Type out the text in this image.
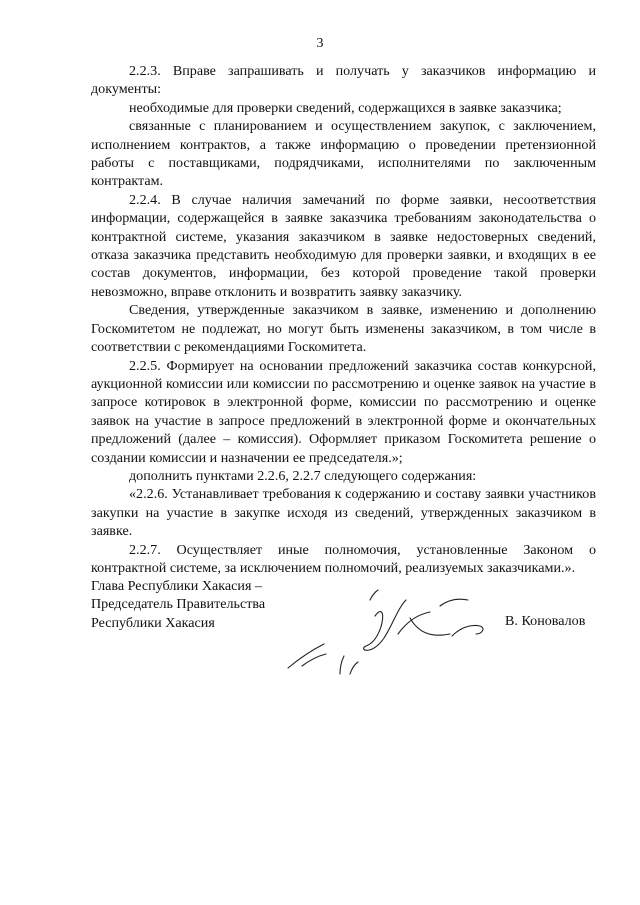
3

2.2.3. Вправе запрашивать и получать у заказчиков информацию и документы:

необходимые для проверки сведений, содержащихся в заявке заказчика;

связанные с планированием и осуществлением закупок, с заключением, исполнением контрактов, а также информацию о проведении претензионной работы с поставщиками, подрядчиками, исполнителями по заключенным контрактам.

2.2.4. В случае наличия замечаний по форме заявки, несоответствия информации, содержащейся в заявке заказчика требованиям законодательства о контрактной системе, указания заказчиком в заявке недостоверных сведений, отказа заказчика представить необходимую для проверки заявки, и входящих в ее состав документов, информации, без которой проведение такой проверки невозможно, вправе отклонить и возвратить заявку заказчику.

Сведения, утвержденные заказчиком в заявке, изменению и дополнению Госкомитетом не подлежат, но могут быть изменены заказчиком, в том числе в соответствии с рекомендациями Госкомитета.

2.2.5. Формирует на основании предложений заказчика состав конкурсной, аукционной комиссии или комиссии по рассмотрению и оценке заявок на участие в запросе котировок в электронной форме, комиссии по рассмотрению и оценке заявок на участие в запросе предложений в электронной форме и окончательных предложений (далее – комиссия). Оформляет приказом Госкомитета решение о создании комиссии и назначении ее председателя.»;

дополнить пунктами 2.2.6, 2.2.7 следующего содержания:

«2.2.6. Устанавливает требования к содержанию и составу заявки участников закупки на участие в закупке исходя из сведений, утвержденных заказчиком в заявке.

2.2.7. Осуществляет иные полномочия, установленные Законом о контрактной системе, за исключением полномочий, реализуемых заказчиками.».

Глава Республики Хакасия –
Председатель Правительства
Республики Хакасия	В. Коновалов
